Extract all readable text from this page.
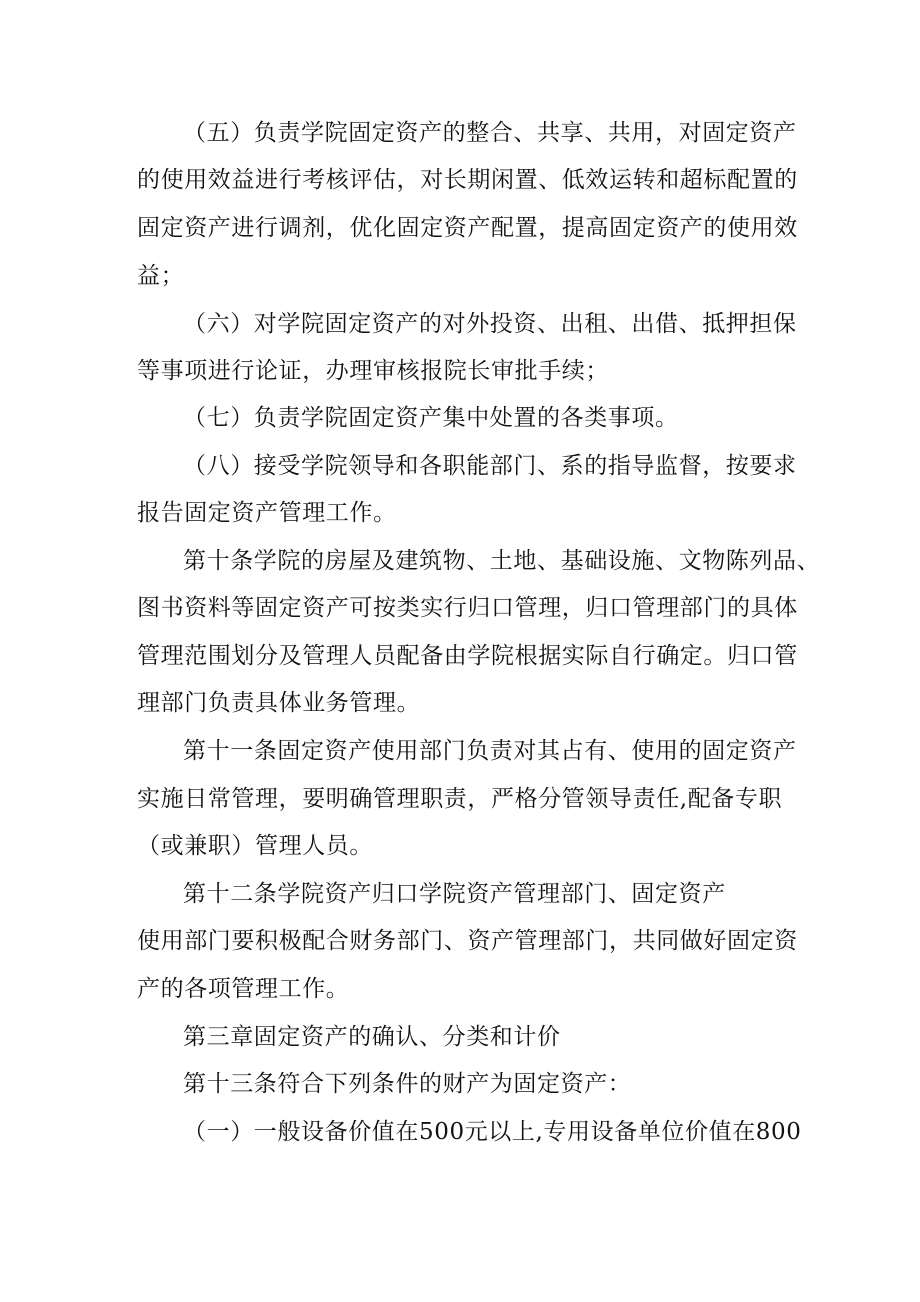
（五）负责学院固定资产的整合、共享、共用，对固定资产
的使用效益进行考核评估，对长期闲置、低效运转和超标配置的
固定资产进行调剂，优化固定资产配置，提高固定资产的使用效
益；
（六）对学院固定资产的对外投资、出租、出借、抵押担保
等事项进行论证，办理审核报院长审批手续；
（七）负责学院固定资产集中处置的各类事项。
（八）接受学院领导和各职能部门、系的指导监督，按要求
报告固定资产管理工作。
第十条学院的房屋及建筑物、土地、基础设施、文物陈列品、
图书资料等固定资产可按类实行归口管理，归口管理部门的具体
管理范围划分及管理人员配备由学院根据实际自行确定。归口管
理部门负责具体业务管理。
第十一条固定资产使用部门负责对其占有、使用的固定资产
实施日常管理，要明确管理职责，严格分管领导责任,配备专职
（或兼职）管理人员。
第十二条学院资产归口学院资产管理部门、固定资产
使用部门要积极配合财务部门、资产管理部门，共同做好固定资
产的各项管理工作。
第三章固定资产的确认、分类和计价
第十三条符合下列条件的财产为固定资产：
（一）一般设备价值在500元以上,专用设备单位价值在800
